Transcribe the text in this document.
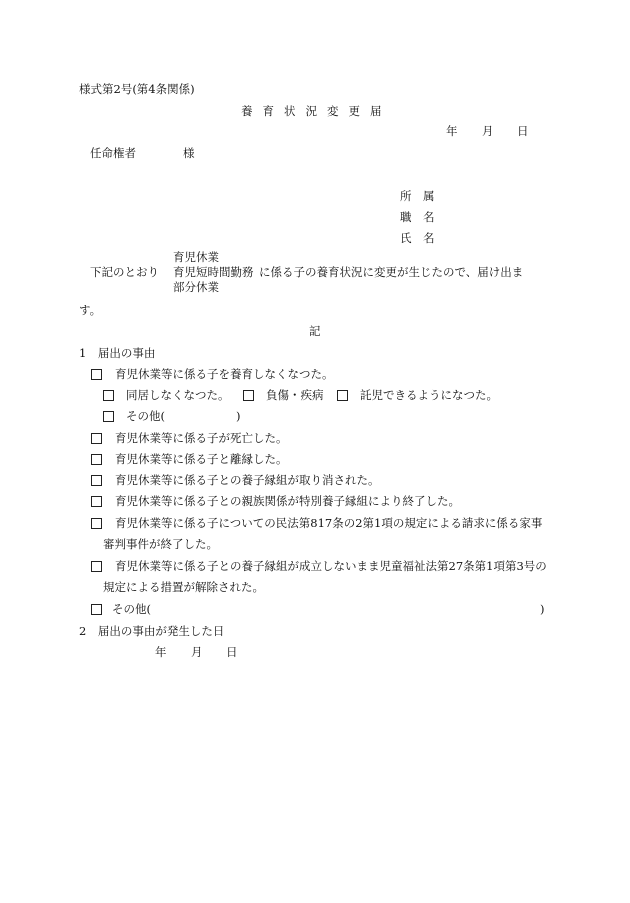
様式第2号(第4条関係)
養育状況変更届
年 月 日
任命権者	様
所　属
職　名
氏　名
育児休業
下記のとおり 育児短時間勤務 に係る子の養育状況に変更が生じたので、届け出ま
部分休業
す。
記
1　届出の事由
育児休業等に係る子を養育しなくなつた。
同居しなくなつた。	負傷・疾病	託児できるようになつた。
その他(	)
育児休業等に係る子が死亡した。
育児休業等に係る子と離縁した。
育児休業等に係る子との養子縁組が取り消された。
育児休業等に係る子との親族関係が特別養子縁組により終了した。
育児休業等に係る子についての民法第817条の2第1項の規定による請求に係る家事
審判事件が終了した。
育児休業等に係る子との養子縁組が成立しないまま児童福祉法第27条第1項第3号の
規定による措置が解除された。
その他(	)
2　届出の事由が発生した日
年 月 日
